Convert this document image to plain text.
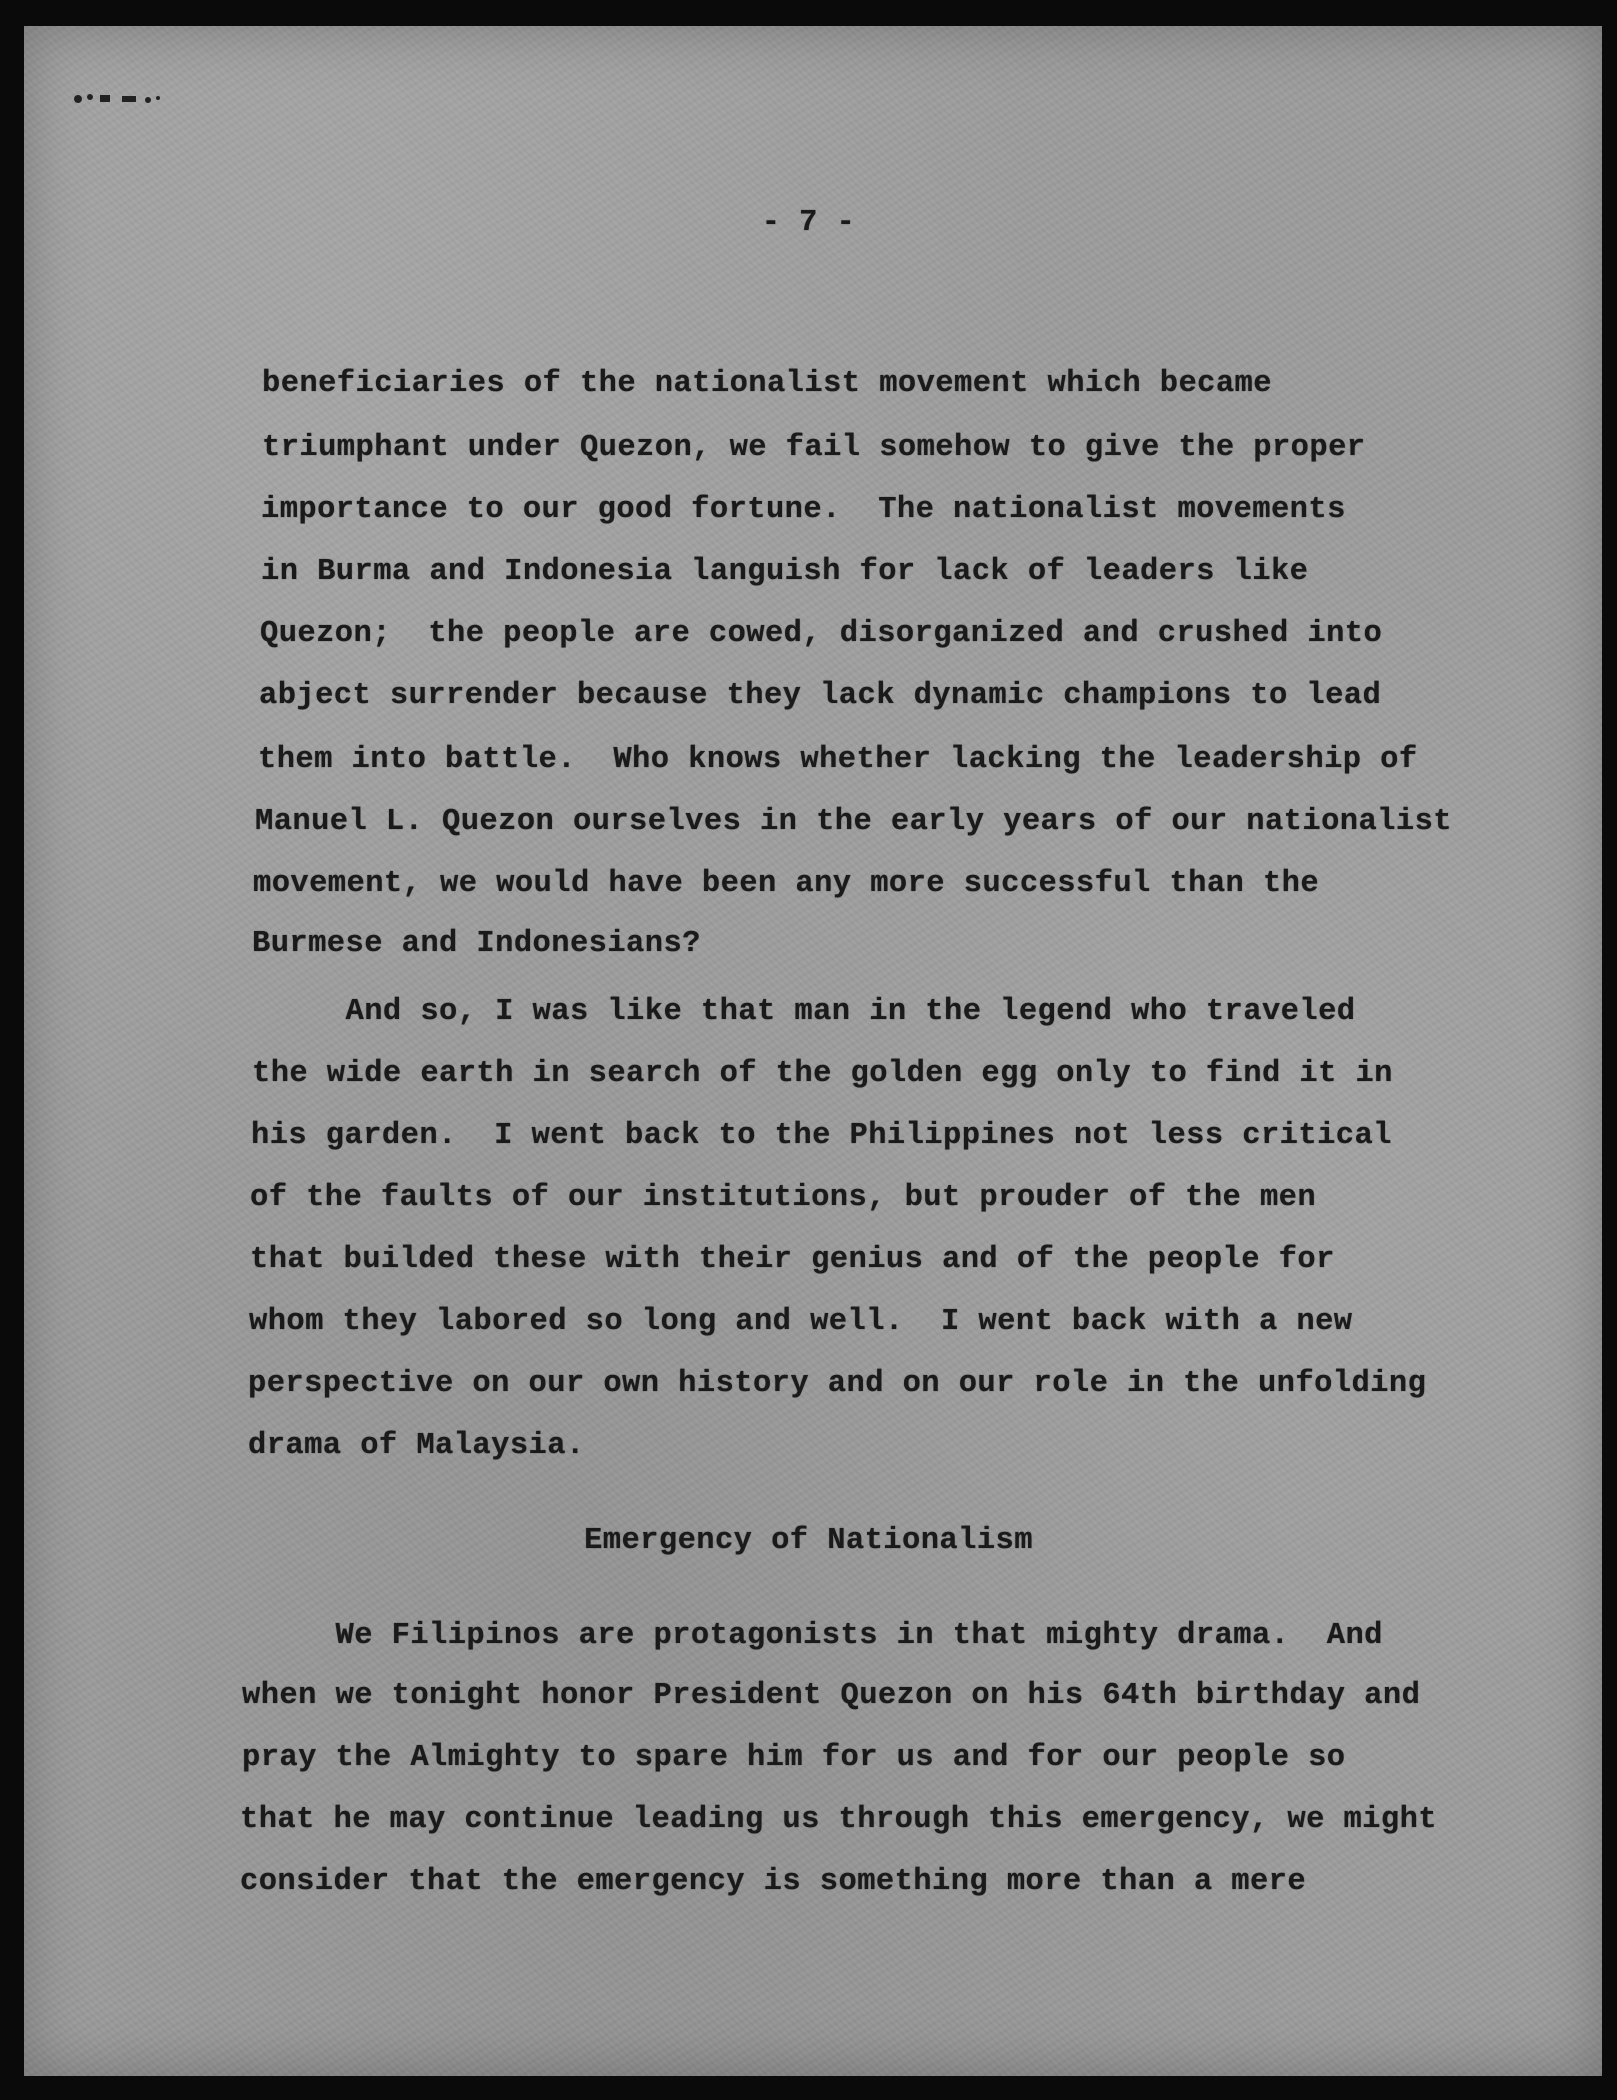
- 7 -

beneficiaries of the nationalist movement which became

triumphant under Quezon, we fail somehow to give the proper

importance to our good fortune.  The nationalist movements

in Burma and Indonesia languish for lack of leaders like

Quezon;  the people are cowed, disorganized and crushed into

abject surrender because they lack dynamic champions to lead

them into battle.  Who knows whether lacking the leadership of

Manuel L. Quezon ourselves in the early years of our nationalist

movement, we would have been any more successful than the

Burmese and Indonesians?

And so, I was like that man in the legend who traveled

the wide earth in search of the golden egg only to find it in

his garden.  I went back to the Philippines not less critical

of the faults of our institutions, but prouder of the men

that builded these with their genius and of the people for

whom they labored so long and well.  I went back with a new

perspective on our own history and on our role in the unfolding

drama of Malaysia.

Emergency of Nationalism

We Filipinos are protagonists in that mighty drama.  And

when we tonight honor President Quezon on his 64th birthday and

pray the Almighty to spare him for us and for our people so

that he may continue leading us through this emergency, we might

consider that the emergency is something more than a mere
